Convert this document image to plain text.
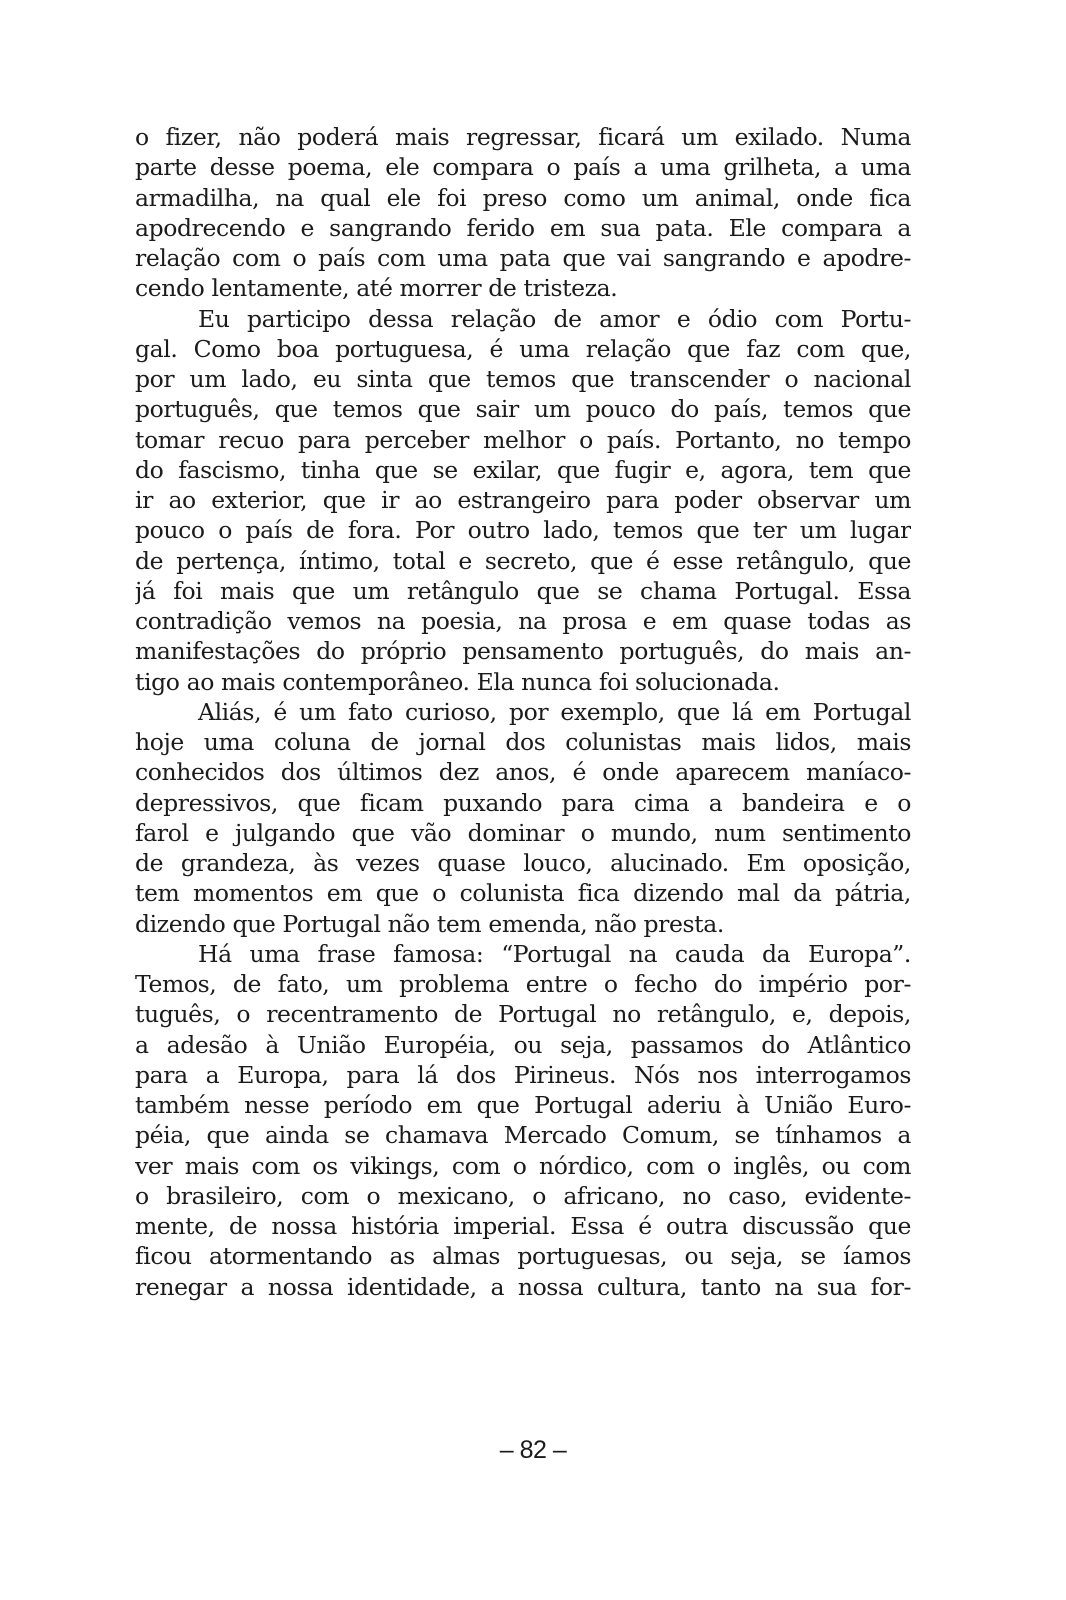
o fizer, não poderá mais regressar, ficará um exilado. Numa
parte desse poema, ele compara o país a uma grilheta, a uma
armadilha, na qual ele foi preso como um animal, onde fica
apodrecendo e sangrando ferido em sua pata. Ele compara a
relação com o país com uma pata que vai sangrando e apodre-
cendo lentamente, até morrer de tristeza.
Eu participo dessa relação de amor e ódio com Portu-
gal. Como boa portuguesa, é uma relação que faz com que,
por um lado, eu sinta que temos que transcender o nacional
português, que temos que sair um pouco do país, temos que
tomar recuo para perceber melhor o país. Portanto, no tempo
do fascismo, tinha que se exilar, que fugir e, agora, tem que
ir ao exterior, que ir ao estrangeiro para poder observar um
pouco o país de fora. Por outro lado, temos que ter um lugar
de pertença, íntimo, total e secreto, que é esse retângulo, que
já foi mais que um retângulo que se chama Portugal. Essa
contradição vemos na poesia, na prosa e em quase todas as
manifestações do próprio pensamento português, do mais an-
tigo ao mais contemporâneo. Ela nunca foi solucionada.
Aliás, é um fato curioso, por exemplo, que lá em Portugal
hoje uma coluna de jornal dos colunistas mais lidos, mais
conhecidos dos últimos dez anos, é onde aparecem maníaco-
depressivos, que ficam puxando para cima a bandeira e o
farol e julgando que vão dominar o mundo, num sentimento
de grandeza, às vezes quase louco, alucinado. Em oposição,
tem momentos em que o colunista fica dizendo mal da pátria,
dizendo que Portugal não tem emenda, não presta.
Há uma frase famosa: “Portugal na cauda da Europa”.
Temos, de fato, um problema entre o fecho do império por-
tuguês, o recentramento de Portugal no retângulo, e, depois,
a adesão à União Européia, ou seja, passamos do Atlântico
para a Europa, para lá dos Pirineus. Nós nos interrogamos
também nesse período em que Portugal aderiu à União Euro-
péia, que ainda se chamava Mercado Comum, se tínhamos a
ver mais com os vikings, com o nórdico, com o inglês, ou com
o brasileiro, com o mexicano, o africano, no caso, evidente-
mente, de nossa história imperial. Essa é outra discussão que
ficou atormentando as almas portuguesas, ou seja, se íamos
renegar a nossa identidade, a nossa cultura, tanto na sua for-
– 82 –
